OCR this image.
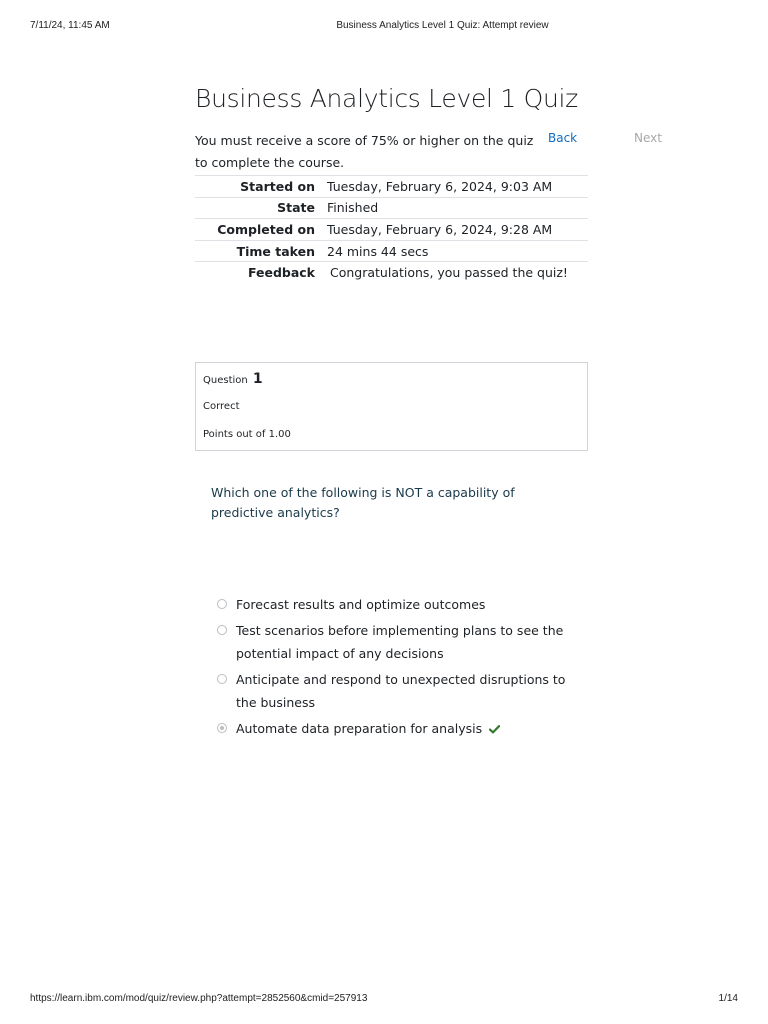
7/11/24, 11:45 AM	Business Analytics Level 1 Quiz: Attempt review
Business Analytics Level 1 Quiz
You must receive a score of 75% or higher on the quiz to complete the course.
Back	Next
Started on	Tuesday, February 6, 2024, 9:03 AM
State	Finished
Completed on	Tuesday, February 6, 2024, 9:28 AM
Time taken	24 mins 44 secs
Feedback	Congratulations, you passed the quiz!
Question 1
Correct
Points out of 1.00
Which one of the following is NOT a capability of predictive analytics?
Forecast results and optimize outcomes
Test scenarios before implementing plans to see the potential impact of any decisions
Anticipate and respond to unexpected disruptions to the business
Automate data preparation for analysis
https://learn.ibm.com/mod/quiz/review.php?attempt=2852560&cmid=257913	1/14
